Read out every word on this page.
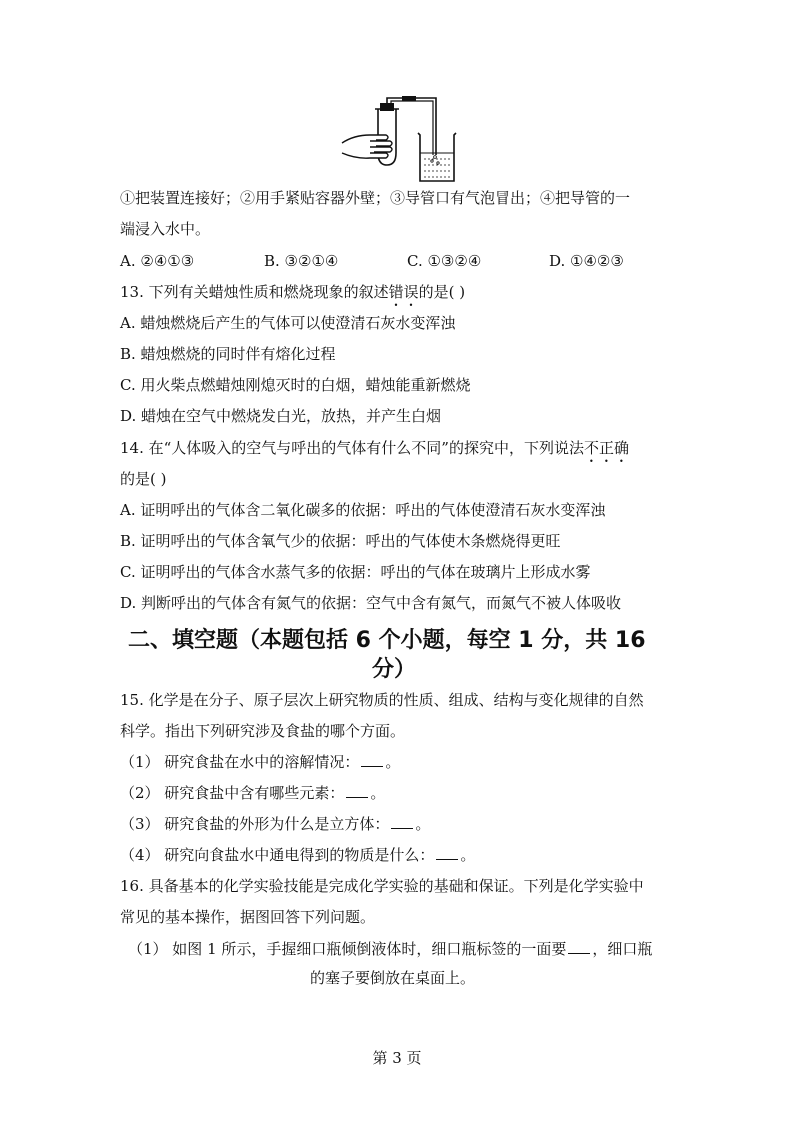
①把装置连接好；②用手紧贴容器外壁；③导管口有气泡冒出；④把导管的一
端浸入水中。
A. ②④①③	B. ③②①④	C. ①③②④	D. ①④②③
13. 下列有关蜡烛性质和燃烧现象的叙述错误的是( )
A. 蜡烛燃烧后产生的气体可以使澄清石灰水变浑浊
B. 蜡烛燃烧的同时伴有熔化过程
C. 用火柴点燃蜡烛刚熄灭时的白烟，蜡烛能重新燃烧
D. 蜡烛在空气中燃烧发白光，放热，并产生白烟
14. 在“人体吸入的空气与呼出的气体有什么不同”的探究中，下列说法不正确
的是( )
A. 证明呼出的气体含二氧化碳多的依据：呼出的气体使澄清石灰水变浑浊
B. 证明呼出的气体含氧气少的依据：呼出的气体使木条燃烧得更旺
C. 证明呼出的气体含水蒸气多的依据：呼出的气体在玻璃片上形成水雾
D. 判断呼出的气体含有氮气的依据：空气中含有氮气，而氮气不被人体吸收
二、填空题（本题包括 6 个小题，每空 1 分，共 16
分）
15. 化学是在分子、原子层次上研究物质的性质、组成、结构与变化规律的自然
科学。指出下列研究涉及食盐的哪个方面。
（1） 研究食盐在水中的溶解情况： 。
（2） 研究食盐中含有哪些元素： 。
（3） 研究食盐的外形为什么是立方体： 。
（4） 研究向食盐水中通电得到的物质是什么： 。
16. 具备基本的化学实验技能是完成化学实验的基础和保证。下列是化学实验中
常见的基本操作，据图回答下列问题。
（1） 如图 1 所示，手握细口瓶倾倒液体时，细口瓶标签的一面要 ，细口瓶
的塞子要倒放在桌面上。
第 3 页
